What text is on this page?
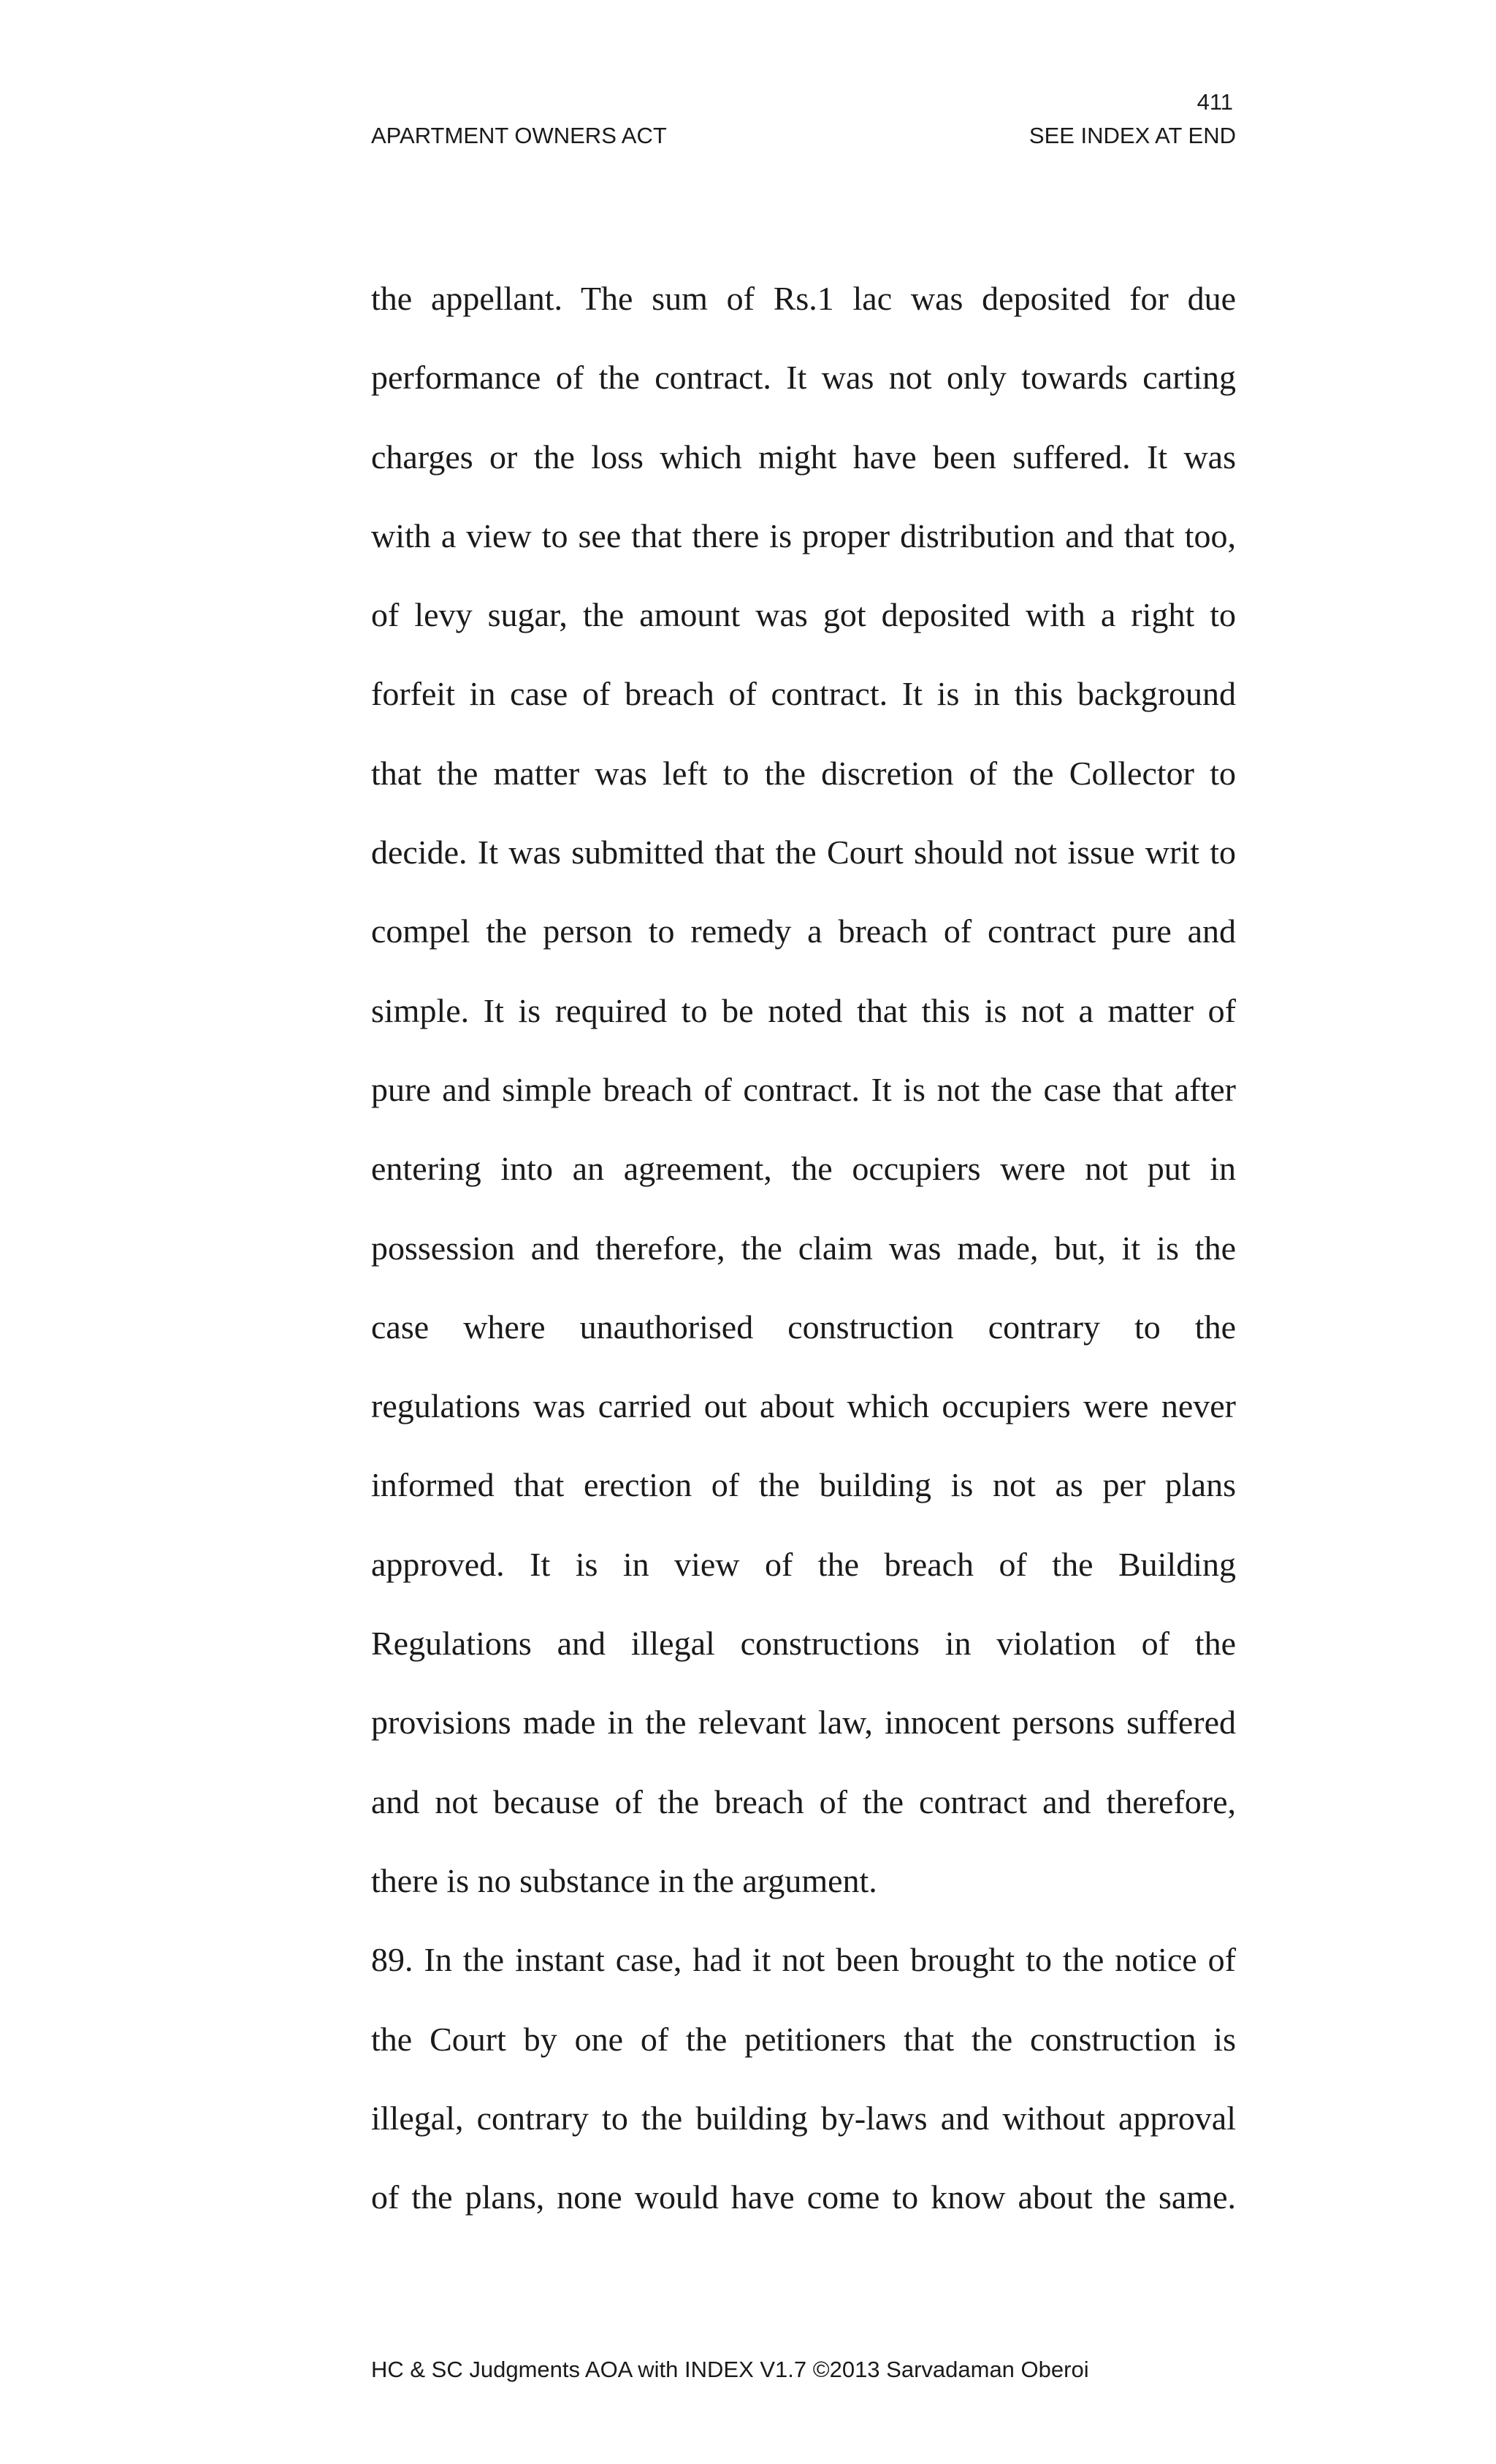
411
APARTMENT OWNERS ACT	SEE INDEX AT END
the appellant. The sum of Rs.1 lac was deposited for due
performance of the contract. It was not only towards carting
charges or the loss which might have been suffered. It was
with a view to see that there is proper distribution and that too,
of levy sugar, the amount was got deposited with a right to
forfeit in case of breach of contract. It is in this background
that the matter was left to the discretion of the Collector to
decide. It was submitted that the Court should not issue writ to
compel the person to remedy a breach of contract pure and
simple. It is required to be noted that this is not a matter of
pure and simple breach of contract. It is not the case that after
entering into an agreement, the occupiers were not put in
possession and therefore, the claim was made, but, it is the
case where unauthorised construction contrary to the
regulations was carried out about which occupiers were never
informed that erection of the building is not as per plans
approved. It is in view of the breach of the Building
Regulations and illegal constructions in violation of the
provisions made in the relevant law, innocent persons suffered
and not because of the breach of the contract and therefore,
there is no substance in the argument.
89. In the instant case, had it not been brought to the notice of
the Court by one of the petitioners that the construction is
illegal, contrary to the building by-laws and without approval
of the plans, none would have come to know about the same.
HC & SC Judgments AOA with INDEX V1.7 ©2013 Sarvadaman Oberoi
